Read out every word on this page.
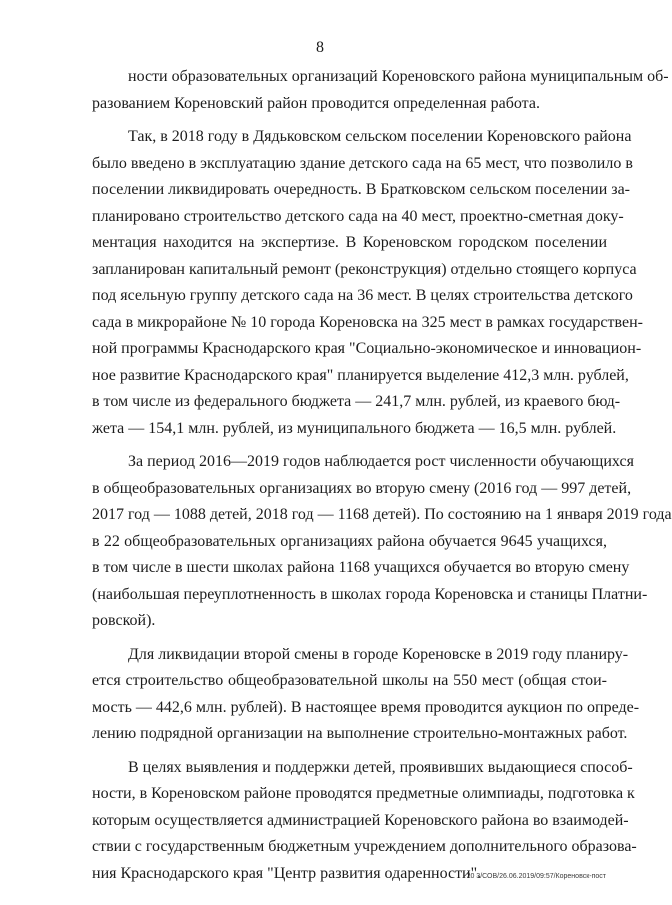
8
ности образовательных организаций Кореновского района муниципальным об-
разованием Кореновский район проводится определенная работа.
Так, в 2018 году в Дядьковском сельском поселении Кореновского района
было введено в эксплуатацию здание детского сада на 65 мест, что позволило в
поселении ликвидировать очередность. В Братковском сельском поселении за-
планировано строительство детского сада на 40 мест, проектно-сметная доку-
ментация находится на экспертизе. В Кореновском городском поселении
запланирован капитальный ремонт (реконструкция) отдельно стоящего корпуса
под ясельную группу детского сада на 36 мест. В целях строительства детского
сада в микрорайоне № 10 города Кореновска на 325 мест в рамках государствен-
ной программы Краснодарского края "Социально-экономическое и инновацион-
ное развитие Краснодарского края" планируется выделение 412,3 млн. рублей,
в том числе из федерального бюджета — 241,7 млн. рублей, из краевого бюд-
жета — 154,1 млн. рублей, из муниципального бюджета — 16,5 млн. рублей.
За период 2016—2019 годов наблюдается рост численности обучающихся
в общеобразовательных организациях во вторую смену (2016 год — 997 детей,
2017 год — 1088 детей, 2018 год — 1168 детей). По состоянию на 1 января 2019 года
в 22 общеобразовательных организациях района обучается 9645 учащихся,
в том числе в шести школах района 1168 учащихся обучается во вторую смену
(наибольшая переуплотненность в школах города Кореновска и станицы Платни-
ровской).
Для ликвидации второй смены в городе Кореновске в 2019 году планиру-
ется строительство общеобразовательной школы на 550 мест (общая стои-
мость — 442,6 млн. рублей). В настоящее время проводится аукцион по опреде-
лению подрядной организации на выполнение строительно-монтажных работ.
В целях выявления и поддержки детей, проявивших выдающиеся способ-
ности, в Кореновском районе проводятся предметные олимпиады, подготовка к
которым осуществляется администрацией Кореновского района во взаимодей-
ствии с государственным бюджетным учреждением дополнительного образова-
ния Краснодарского края "Центр развития одаренности".
20 3/СОВ/26.06.2019/09:57/Кореновск-пост
